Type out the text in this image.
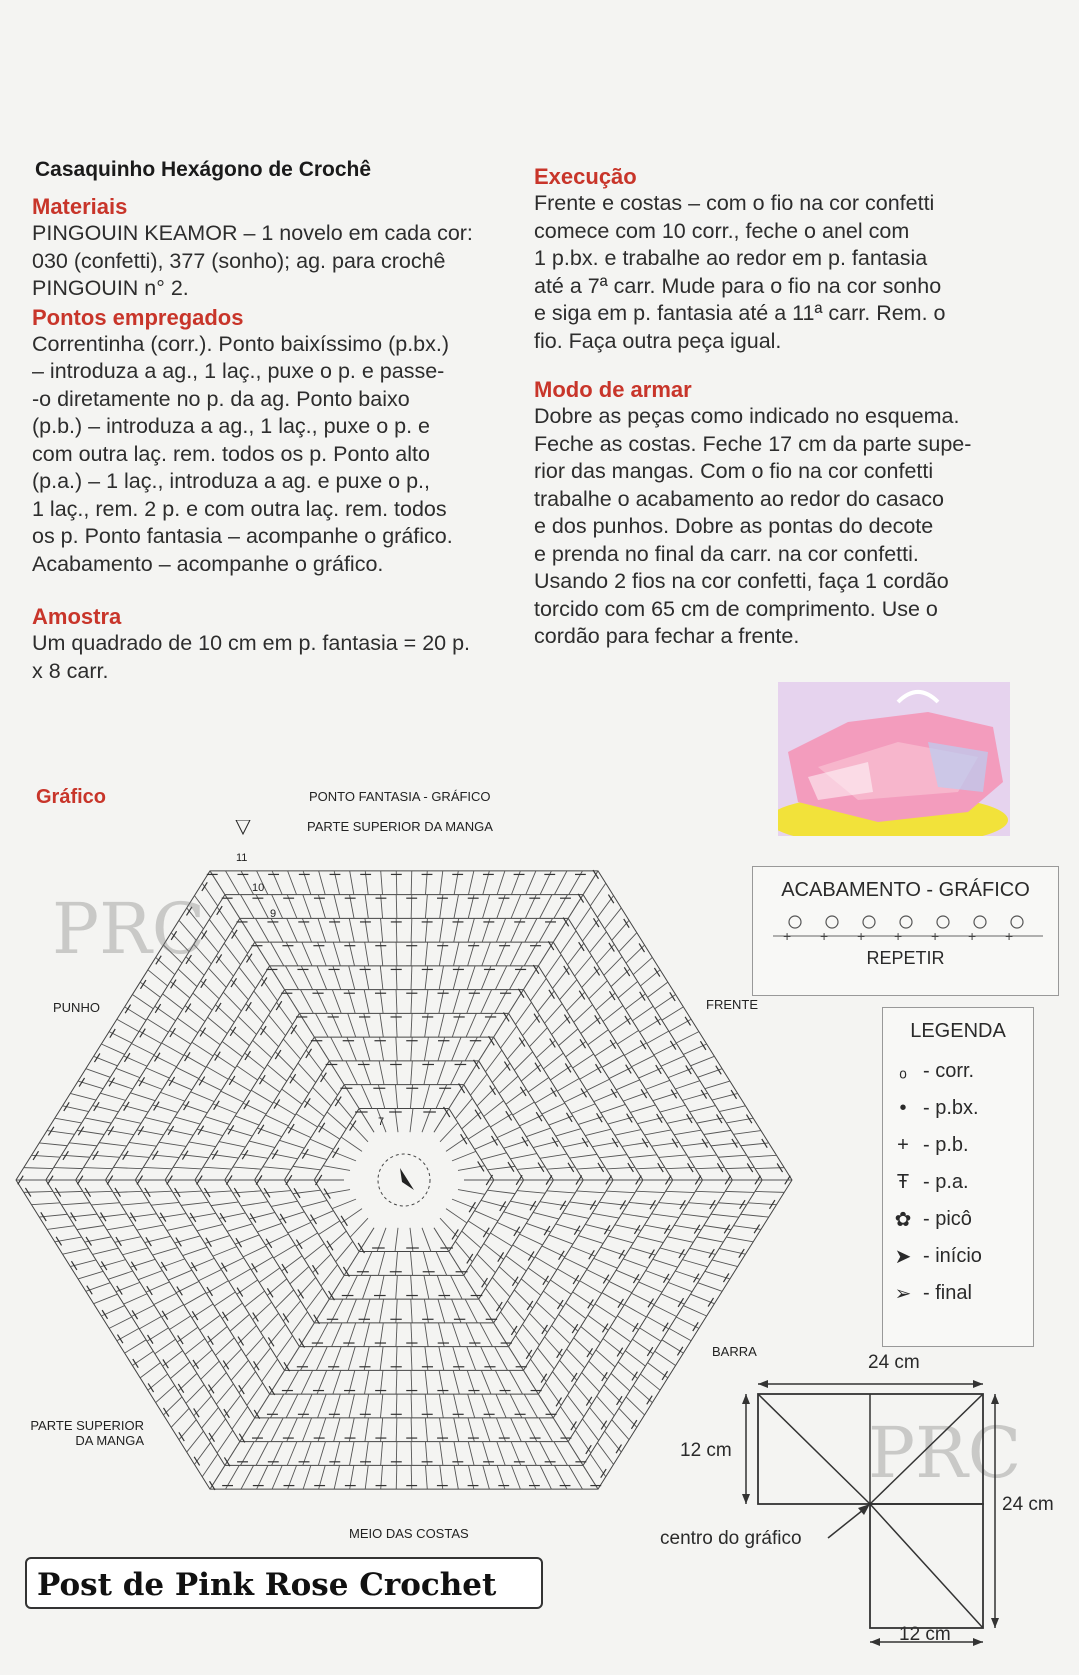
Casaquinho Hexágono de Crochê
Materiais
PINGOUIN KEAMOR – 1 novelo em cada cor:
030 (confetti), 377 (sonho); ag. para crochê
PINGOUIN n° 2.
Pontos empregados
Correntinha (corr.). Ponto baixíssimo (p.bx.)
– introduza a ag., 1 laç., puxe o p. e passe-
-o diretamente no p. da ag. Ponto baixo
(p.b.) – introduza a ag., 1 laç., puxe o p. e
com outra laç. rem. todos os p. Ponto alto
(p.a.) – 1 laç., introduza a ag. e puxe o p.,
1 laç., rem. 2 p. e com outra laç. rem. todos
os p. Ponto fantasia – acompanhe o gráfico.
Acabamento – acompanhe o gráfico.
Amostra
Um quadrado de 10 cm em p. fantasia = 20 p.
x 8 carr.
Execução
Frente e costas – com o fio na cor confetti
comece com 10 corr., feche o anel com
1 p.bx. e trabalhe ao redor em p. fantasia
até a 7ª carr. Mude para o fio na cor sonho
e siga em p. fantasia até a 11ª carr. Rem. o
fio. Faça outra peça igual.
Modo de armar
Dobre as peças como indicado no esquema.
Feche as costas. Feche 17 cm da parte supe-
rior das mangas. Com o fio na cor confetti
trabalhe o acabamento ao redor do casaco
e dos punhos. Dobre as pontas do decote
e prenda no final da carr. na cor confetti.
Usando 2 fios na cor confetti, faça 1 cordão
torcido com 65 cm de comprimento. Use o
cordão para fechar a frente.
Gráfico	PONTO FANTASIA - GRÁFICO
PARTE SUPERIOR DA MANGA
PUNHO	FRENTE
BARRA
PARTE SUPERIOR
DA MANGA
MEIO DAS COSTAS
11
10
9
7
PRC
PRC
ACABAMENTO - GRÁFICO
+ + + + + + +
REPETIR
LEGENDA
ₒ - corr.
• - p.bx.
+ - p.b.
Ŧ - p.a.
✿ - picô
➤ - início
➢ - final
24 cm
12 cm
24 cm
12 cm
centro do gráfico
Post de Pink Rose Crochet
